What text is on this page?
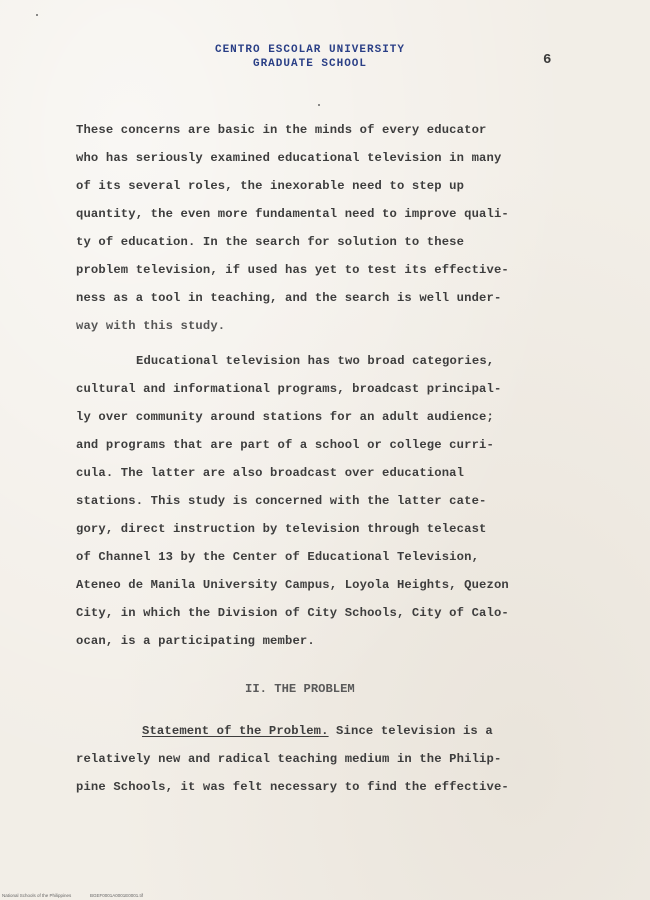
CENTRO ESCOLAR UNIVERSITY
GRADUATE SCHOOL	6
These concerns are basic in the minds of every educator
who has seriously examined educational television in many
of its several roles, the inexorable need to step up
quantity, the even more fundamental need to improve quali-
ty of education. In the search for solution to these
problem television, if used has yet to test its effective-
ness as a tool in teaching, and the search is well under-
way with this study.
Educational television has two broad categories,
cultural and informational programs, broadcast principal-
ly over community around stations for an adult audience;
and programs that are part of a school or college curri-
cula. The latter are also broadcast over educational
stations. This study is concerned with the latter cate-
gory, direct instruction by television through telecast
of Channel 13 by the Center of Educational Television,
Ateneo de Manila University Campus, Loyola Heights, Quezon
City, in which the Division of City Schools, City of Calo-
ocan, is a participating member.
II. THE PROBLEM
Statement of the Problem. Since television is a
relatively new and radical teaching medium in the Philip-
pine Schools, it was felt necessary to find the effective-
National Schools of the Philippines	BGEF0001A0001E0001.tif
